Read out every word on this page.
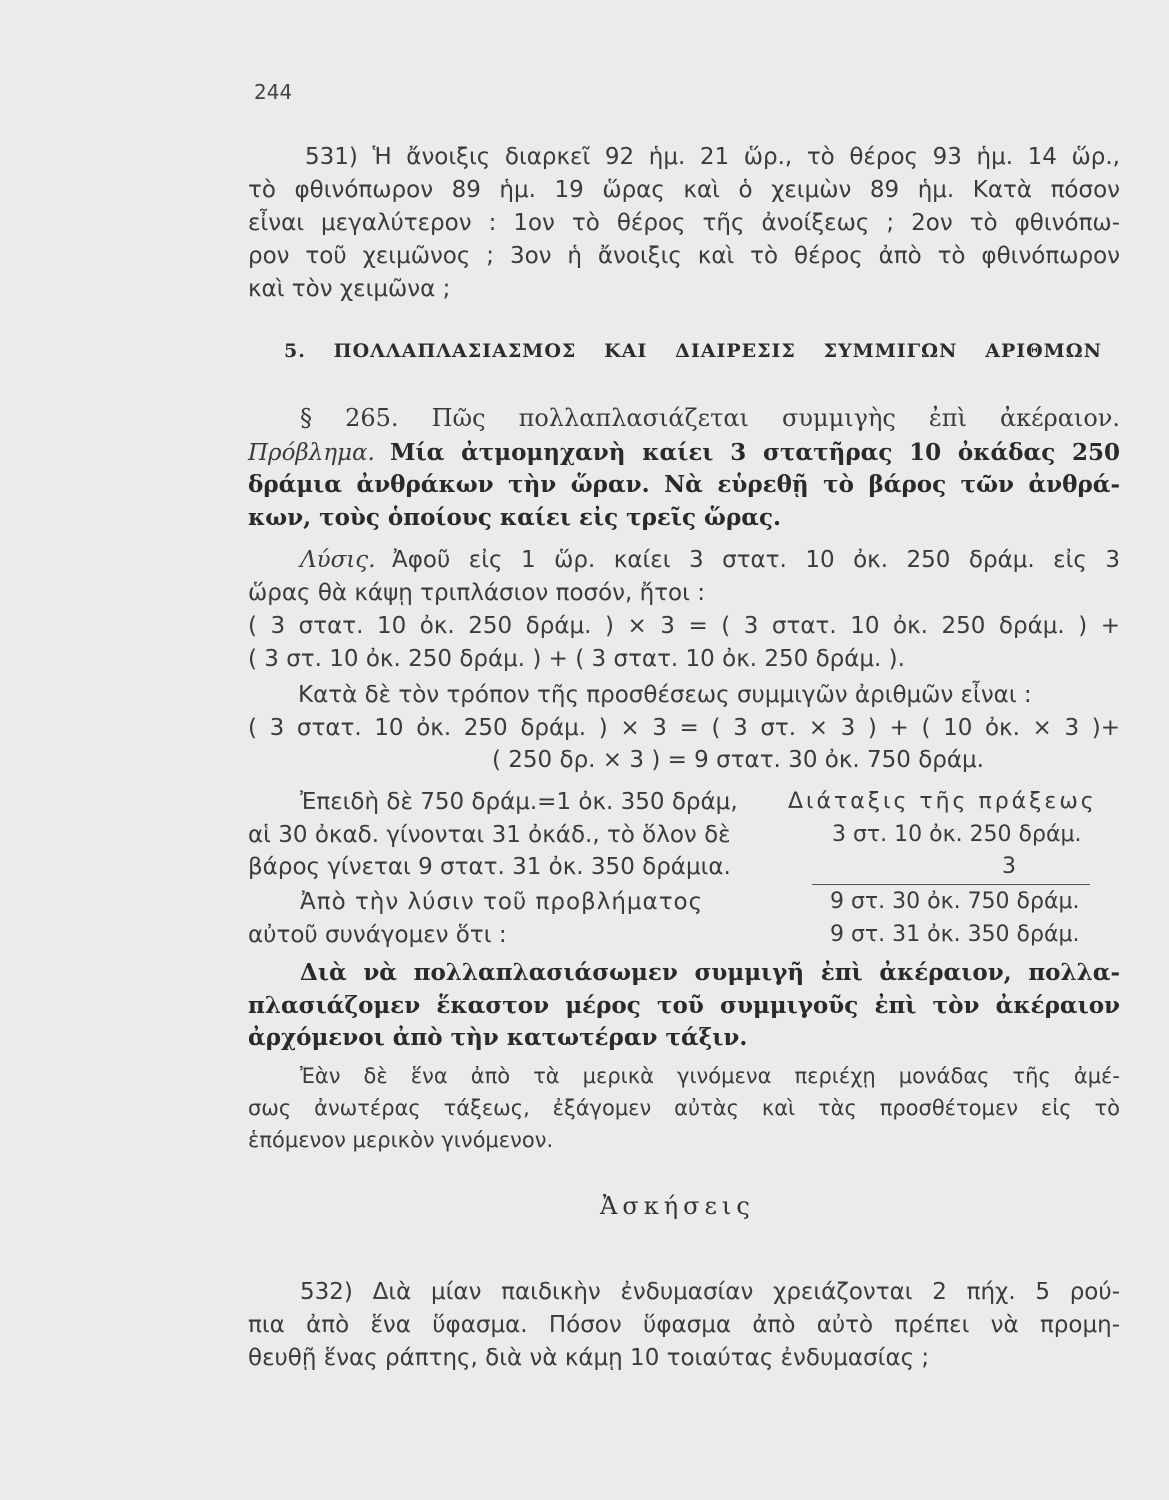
244
531) Ἡ ἄνοιξις διαρκεῖ 92 ἡμ. 21 ὥρ., τὸ θέρος 93 ἡμ. 14 ὥρ.,
τὸ φθινόπωρον 89 ἡμ. 19 ὥρας καὶ ὁ χειμὼν 89 ἡμ. Κατὰ πόσον
εἶναι μεγαλύτερον : 1ον τὸ θέρος τῆς ἀνοίξεως ; 2ον τὸ φθινόπω-
ρον τοῦ χειμῶνος ; 3ον ἡ ἄνοιξις καὶ τὸ θέρος ἀπὸ τὸ φθινόπωρον
καὶ τὸν χειμῶνα ;
5. ΠΟΛΛΑΠΛΑΣΙΑΣΜΟΣ ΚΑΙ ΔΙΑΙΡΕΣΙΣ ΣΥΜΜΙΓΩΝ ΑΡΙΘΜΩΝ
§ 265. Πῶς πολλαπλασιάζεται συμμιγὴς ἐπὶ ἀκέραιον.
Πρόβλημα. Μία ἀτμομηχανὴ καίει 3 στατῆρας 10 ὀκάδας 250
δράμια ἀνθράκων τὴν ὥραν. Νὰ εὑρεθῇ τὸ βάρος τῶν ἀνθρά-
κων, τοὺς ὁποίους καίει εἰς τρεῖς ὥρας.
Λύσις. Ἀφοῦ εἰς 1 ὥρ. καίει 3 στατ. 10 ὀκ. 250 δράμ. εἰς 3
ὥρας θὰ κάψῃ τριπλάσιον ποσόν, ἤτοι :
( 3 στατ. 10 ὀκ. 250 δράμ. ) × 3 = ( 3 στατ. 10 ὀκ. 250 δράμ. ) +
( 3 στ. 10 ὀκ. 250 δράμ. ) + ( 3 στατ. 10 ὀκ. 250 δράμ. ).
Κατὰ δὲ τὸν τρόπον τῆς προσθέσεως συμμιγῶν ἀριθμῶν εἶναι :
( 3 στατ. 10 ὀκ. 250 δράμ. ) × 3 = ( 3 στ. × 3 ) + ( 10 ὀκ. × 3 )+
( 250 δρ. × 3 ) = 9 στατ. 30 ὀκ. 750 δράμ.
Ἐπειδὴ δὲ 750 δράμ.=1 ὀκ. 350 δράμ,
αἱ 30 ὀκαδ. γίνονται 31 ὀκάδ., τὸ ὅλον δὲ
βάρος γίνεται 9 στατ. 31 ὀκ. 350 δράμια.
Ἀπὸ τὴν λύσιν τοῦ προβλήματος
αὐτοῦ συνάγομεν ὅτι :
Διάταξις τῆς πράξεως
3 στ. 10 ὀκ. 250 δράμ.
3
9 στ. 30 ὀκ. 750 δράμ.
9 στ. 31 ὀκ. 350 δράμ.
Διὰ νὰ πολλαπλασιάσωμεν συμμιγῆ ἐπὶ ἀκέραιον, πολλα-
πλασιάζομεν ἕκαστον μέρος τοῦ συμμιγοῦς ἐπὶ τὸν ἀκέραιον
ἀρχόμενοι ἀπὸ τὴν κατωτέραν τάξιν.
Ἐὰν δὲ ἕνα ἀπὸ τὰ μερικὰ γινόμενα περιέχῃ μονάδας τῆς ἀμέ-
σως ἀνωτέρας τάξεως, ἐξάγομεν αὐτὰς καὶ τὰς προσθέτομεν εἰς τὸ
ἑπόμενον μερικὸν γινόμενον.
Ἀσκήσεις
532) Διὰ μίαν παιδικὴν ἐνδυμασίαν χρειάζονται 2 πήχ. 5 ρού-
πια ἀπὸ ἕνα ὕφασμα. Πόσον ὕφασμα ἀπὸ αὐτὸ πρέπει νὰ προμη-
θευθῇ ἕνας ράπτης, διὰ νὰ κάμῃ 10 τοιαύτας ἐνδυμασίας ;
